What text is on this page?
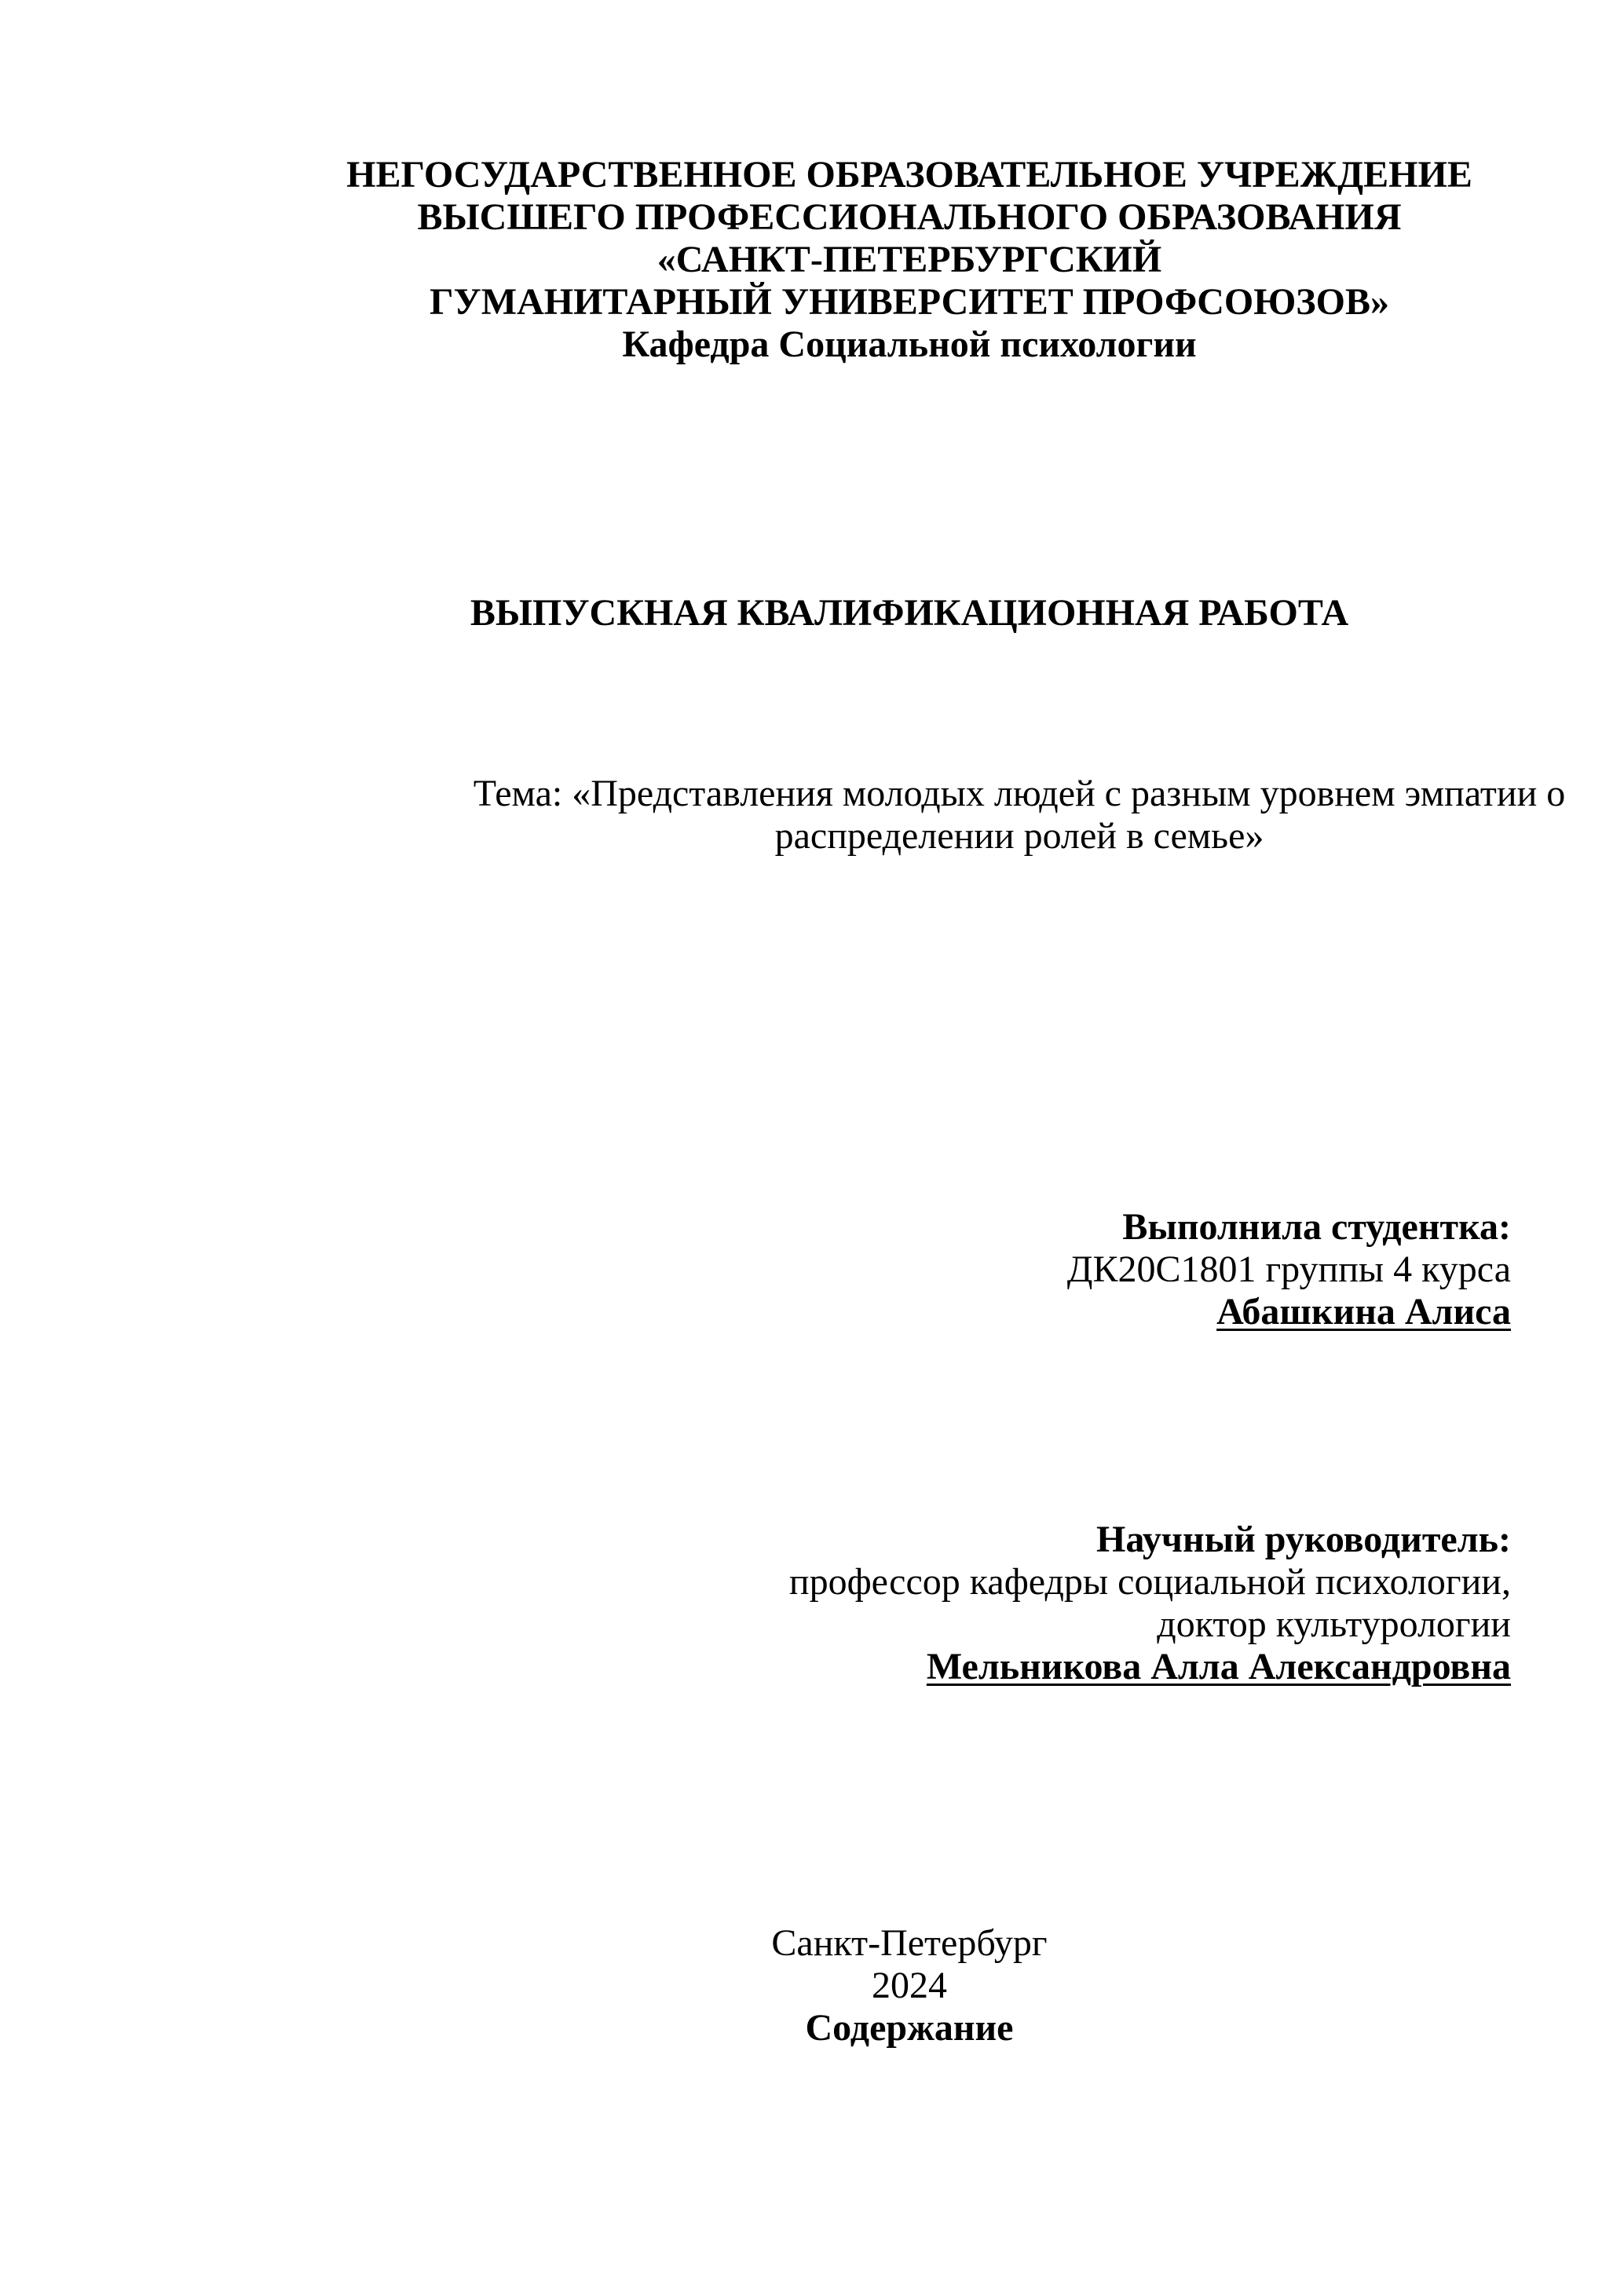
НЕГОСУДАРСТВЕННОЕ ОБРАЗОВАТЕЛЬНОЕ УЧРЕЖДЕНИЕ
ВЫСШЕГО ПРОФЕССИОНАЛЬНОГО ОБРАЗОВАНИЯ
«САНКТ-ПЕТЕРБУРГСКИЙ
ГУМАНИТАРНЫЙ УНИВЕРСИТЕТ ПРОФСОЮЗОВ»
Кафедра Социальной психологии
ВЫПУСКНАЯ КВАЛИФИКАЦИОННАЯ РАБОТА
Тема: «Представления молодых людей с разным уровнем эмпатии о
распределении ролей в семье»
Выполнила студентка:
ДК20С1801 группы 4 курса
Абашкина Алиса
Научный руководитель:
профессор кафедры социальной психологии,
доктор культурологии
Мельникова Алла Александровна
Санкт-Петербург
2024
Содержание
